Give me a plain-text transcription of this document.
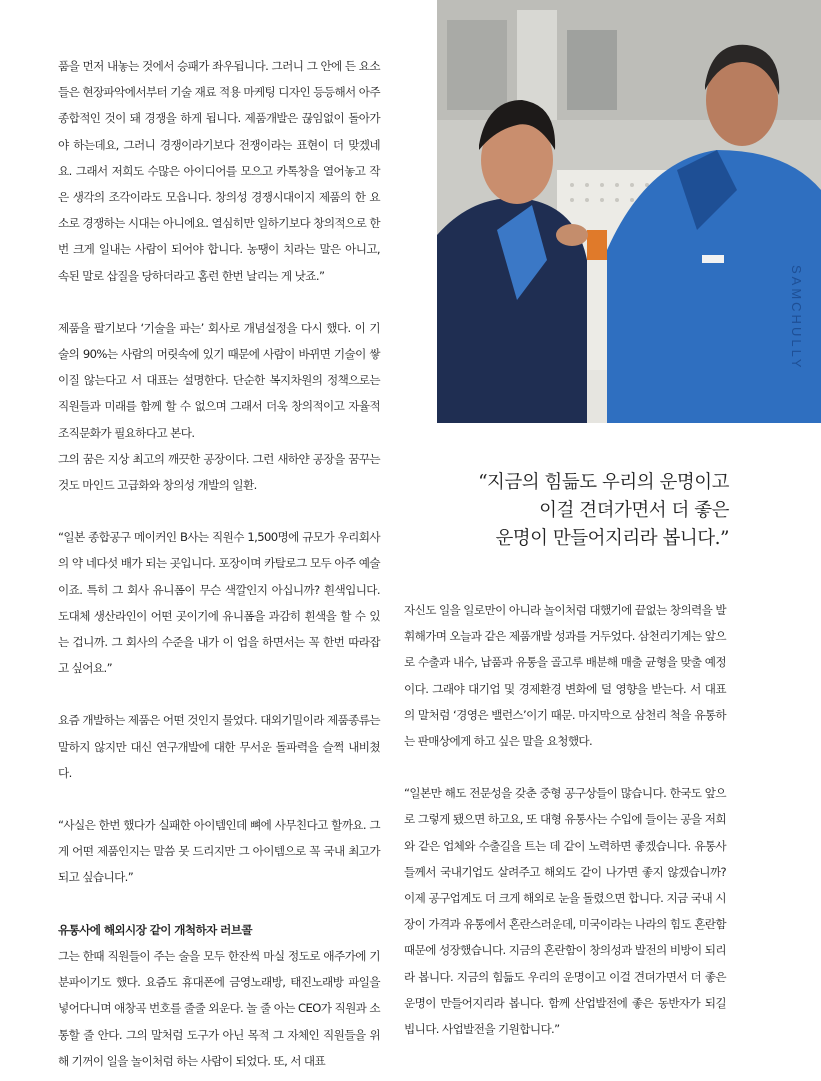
SAMCHULLY

품을 먼저 내놓는 것에서 승패가 좌우됩니다. 그러니 그 안에 든 요소들은 현장파악에서부터 기술 재료 적용 마케팅 디자인 등등해서 아주 종합적인 것이 돼 경쟁을 하게 됩니다. 제품개발은 끊임없이 돌아가야 하는데요, 그러니 경쟁이라기보다 전쟁이라는 표현이 더 맞겠네요. 그래서 저희도 수많은 아이디어를 모으고 카톡창을 열어놓고 작은 생각의 조각이라도 모읍니다. 창의성 경쟁시대이지 제품의 한 요소로 경쟁하는 시대는 아니에요. 열심히만 일하기보다 창의적으로 한번 크게 일내는 사람이 되어야 합니다. 농땡이 치라는 말은 아니고, 속된 말로 삽질을 당하더라고 홈런 한번 날리는 게 낫죠.”

제품을 팔기보다 ‘기술을 파는’ 회사로 개념설정을 다시 했다. 이 기술의 90%는 사람의 머릿속에 있기 때문에 사람이 바뀌면 기술이 쌓이질 않는다고 서 대표는 설명한다. 단순한 복지차원의 정책으로는 직원들과 미래를 함께 할 수 없으며 그래서 더욱 창의적이고 자율적 조직문화가 필요하다고 본다.

그의 꿈은 지상 최고의 깨끗한 공장이다. 그런 새하얀 공장을 꿈꾸는 것도 마인드 고급화와 창의성 개발의 일환.

“일본 종합공구 메이커인 B사는 직원수 1,500명에 규모가 우리회사의 약 네다섯 배가 되는 곳입니다. 포장이며 카탈로그 모두 아주 예술이죠. 특히 그 회사 유니폼이 무슨 색깔인지 아십니까? 흰색입니다. 도대체 생산라인이 어떤 곳이기에 유니폼을 과감히 흰색을 할 수 있는 겁니까. 그 회사의 수준을 내가 이 업을 하면서는 꼭 한번 따라잡고 싶어요.”

요즘 개발하는 제품은 어떤 것인지 물었다. 대외기밀이라 제품종류는 말하지 않지만 대신 연구개발에 대한 무서운 돌파력을 슬쩍 내비쳤다.

“사실은 한번 했다가 실패한 아이템인데 뼈에 사무친다고 할까요. 그게 어떤 제품인지는 말씀 못 드리지만 그 아이템으로 꼭 국내 최고가 되고 싶습니다.”

유통사에 해외시장 같이 개척하자 러브콜

그는 한때 직원들이 주는 술을 모두 한잔씩 마실 정도로 애주가에 기분파이기도 했다. 요즘도 휴대폰에 금영노래방, 태진노래방 파일을 넣어다니며 애창곡 번호를 줄줄 외운다. 놀 줄 아는 CEO가 직원과 소통할 줄 안다. 그의 말처럼 도구가 아닌 목적 그 자체인 직원들을 위해 기꺼이 일을 놀이처럼 하는 사람이 되었다. 또, 서 대표

“지금의 힘듦도 우리의 운명이고
이걸 견뎌가면서 더 좋은
운명이 만들어지리라 봅니다.”

자신도 일을 일로만이 아니라 놀이처럼 대했기에 끝없는 창의력을 발휘해가며 오늘과 같은 제품개발 성과를 거두었다. 삼천리기계는 앞으로 수출과 내수, 납품과 유통을 골고루 배분해 매출 균형을 맞출 예정이다. 그래야 대기업 및 경제환경 변화에 덜 영향을 받는다. 서 대표의 말처럼 ‘경영은 밸런스’이기 때문. 마지막으로 삼천리 척을 유통하는 판매상에게 하고 싶은 말을 요청했다.

“일본만 해도 전문성을 갖춘 중형 공구상들이 많습니다. 한국도 앞으로 그렇게 됐으면 하고요, 또 대형 유통사는 수입에 들이는 공을 저희와 같은 업체와 수출길을 트는 데 같이 노력하면 좋겠습니다. 유통사들께서 국내기업도 살려주고 해외도 같이 나가면 좋지 않겠습니까? 이제 공구업계도 더 크게 해외로 눈을 돌렸으면 합니다. 지금 국내 시장이 가격과 유통에서 혼란스러운데, 미국이라는 나라의 힘도 혼란함 때문에 성장했습니다. 지금의 혼란함이 창의성과 발전의 비방이 되리라 봅니다. 지금의 힘듦도 우리의 운명이고 이걸 견뎌가면서 더 좋은 운명이 만들어지리라 봅니다. 함께 산업발전에 좋은 동반자가 되길 빕니다. 사업발전을 기원합니다.”
